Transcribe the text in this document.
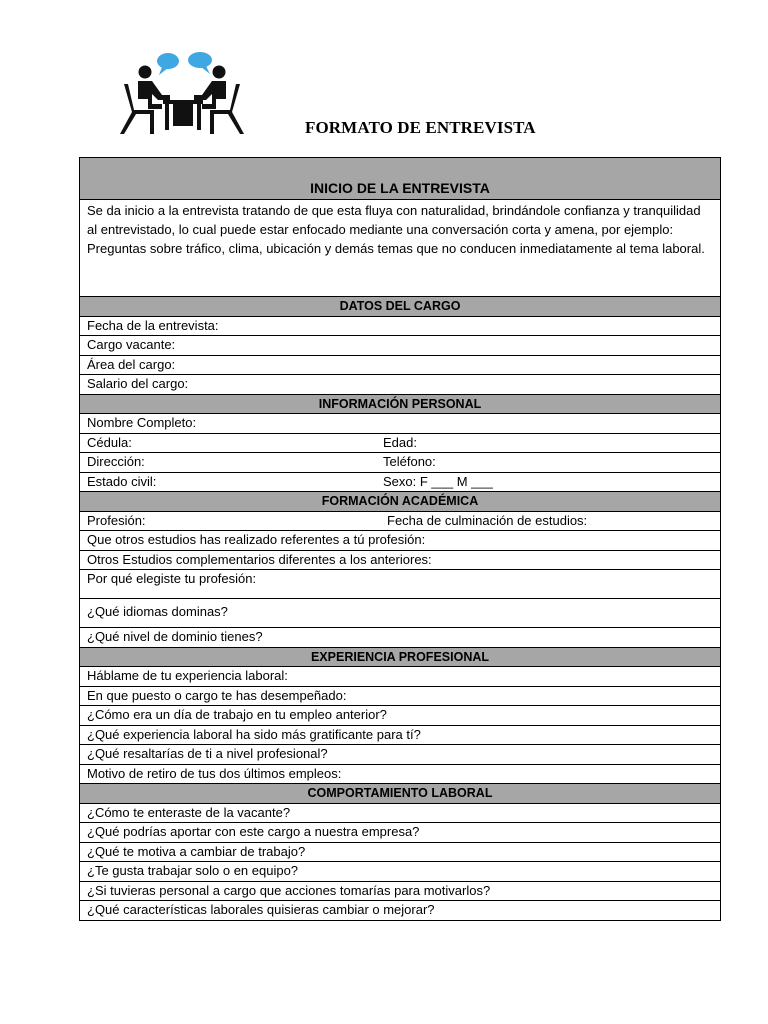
FORMATO DE ENTREVISTA
INICIO DE LA ENTREVISTA
Se da inicio a la entrevista tratando de que esta fluya con naturalidad, brindándole confianza y tranquilidad al entrevistado, lo cual puede estar enfocado mediante una conversación corta y amena, por ejemplo: Preguntas sobre tráfico, clima, ubicación y demás temas que no conducen inmediatamente al tema laboral.
DATOS DEL CARGO
Fecha de la entrevista:
Cargo vacante:
Área del cargo:
Salario del cargo:
INFORMACIÓN PERSONAL
Nombre Completo:
Cédula:	Edad:
Dirección:	Teléfono:
Estado civil:	Sexo: F ___ M ___
FORMACIÓN ACADÉMICA
Profesión:	Fecha de culminación de estudios:
Que otros estudios has realizado referentes a tú profesión:
Otros Estudios complementarios diferentes a los anteriores:
Por qué elegiste tu profesión:
¿Qué idiomas dominas?
¿Qué nivel de dominio tienes?
EXPERIENCIA PROFESIONAL
Háblame de tu experiencia laboral:
En que puesto o cargo te has desempeñado:
¿Cómo era un día de trabajo en tu empleo anterior?
¿Qué experiencia laboral ha sido más gratificante para tí?
¿Qué resaltarías de ti a nivel profesional?
Motivo de retiro de tus dos últimos empleos:
COMPORTAMIENTO LABORAL
¿Cómo te enteraste de la vacante?
¿Qué podrías aportar con este cargo a nuestra empresa?
¿Qué te motiva a cambiar de trabajo?
¿Te gusta trabajar solo o en equipo?
¿Si tuvieras personal a cargo que acciones tomarías para motivarlos?
¿Qué características laborales quisieras cambiar o mejorar?
